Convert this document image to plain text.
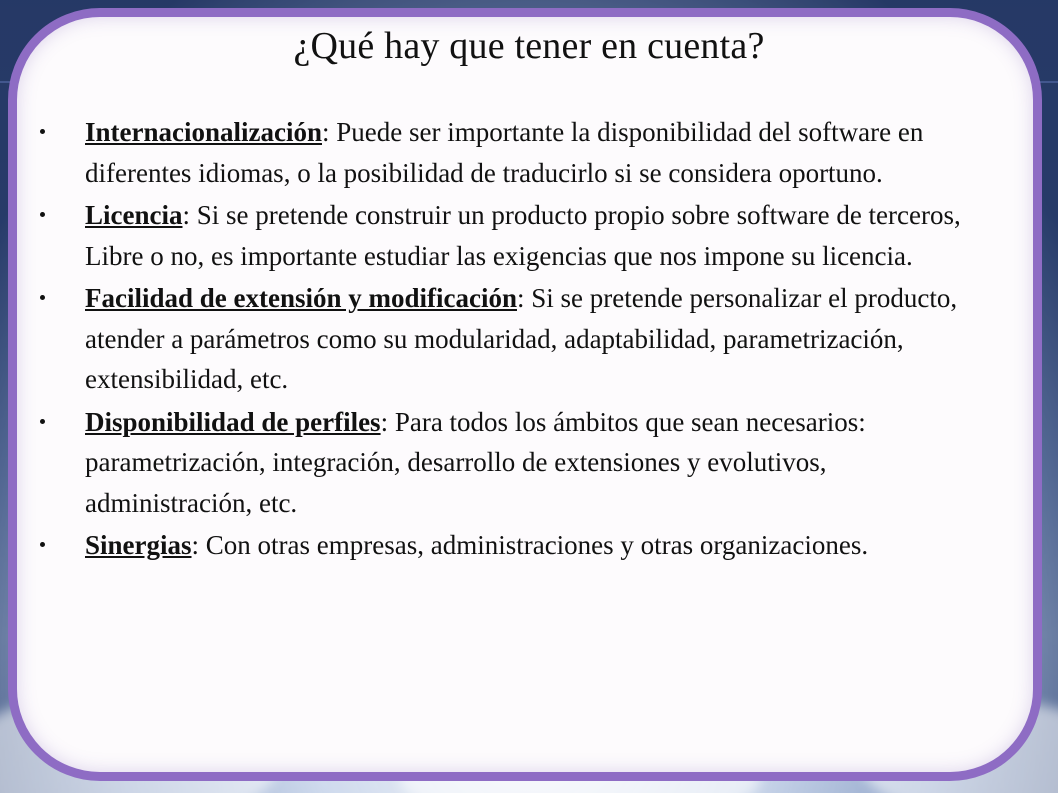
¿Qué hay que tener en cuenta?
Internacionalización: Puede ser importante la disponibilidad del software en diferentes idiomas, o la posibilidad de traducirlo si se considera oportuno.
Licencia: Si se pretende construir un producto propio sobre software de terceros, Libre o no, es importante estudiar las exigencias que nos impone su licencia.
Facilidad de extensión y modificación: Si se pretende personalizar el producto, atender a parámetros como su modularidad, adaptabilidad, parametrización, extensibilidad, etc.
Disponibilidad de perfiles: Para todos los ámbitos que sean necesarios: parametrización, integración, desarrollo de extensiones y evolutivos, administración, etc.
Sinergias: Con otras empresas, administraciones y otras organizaciones.
